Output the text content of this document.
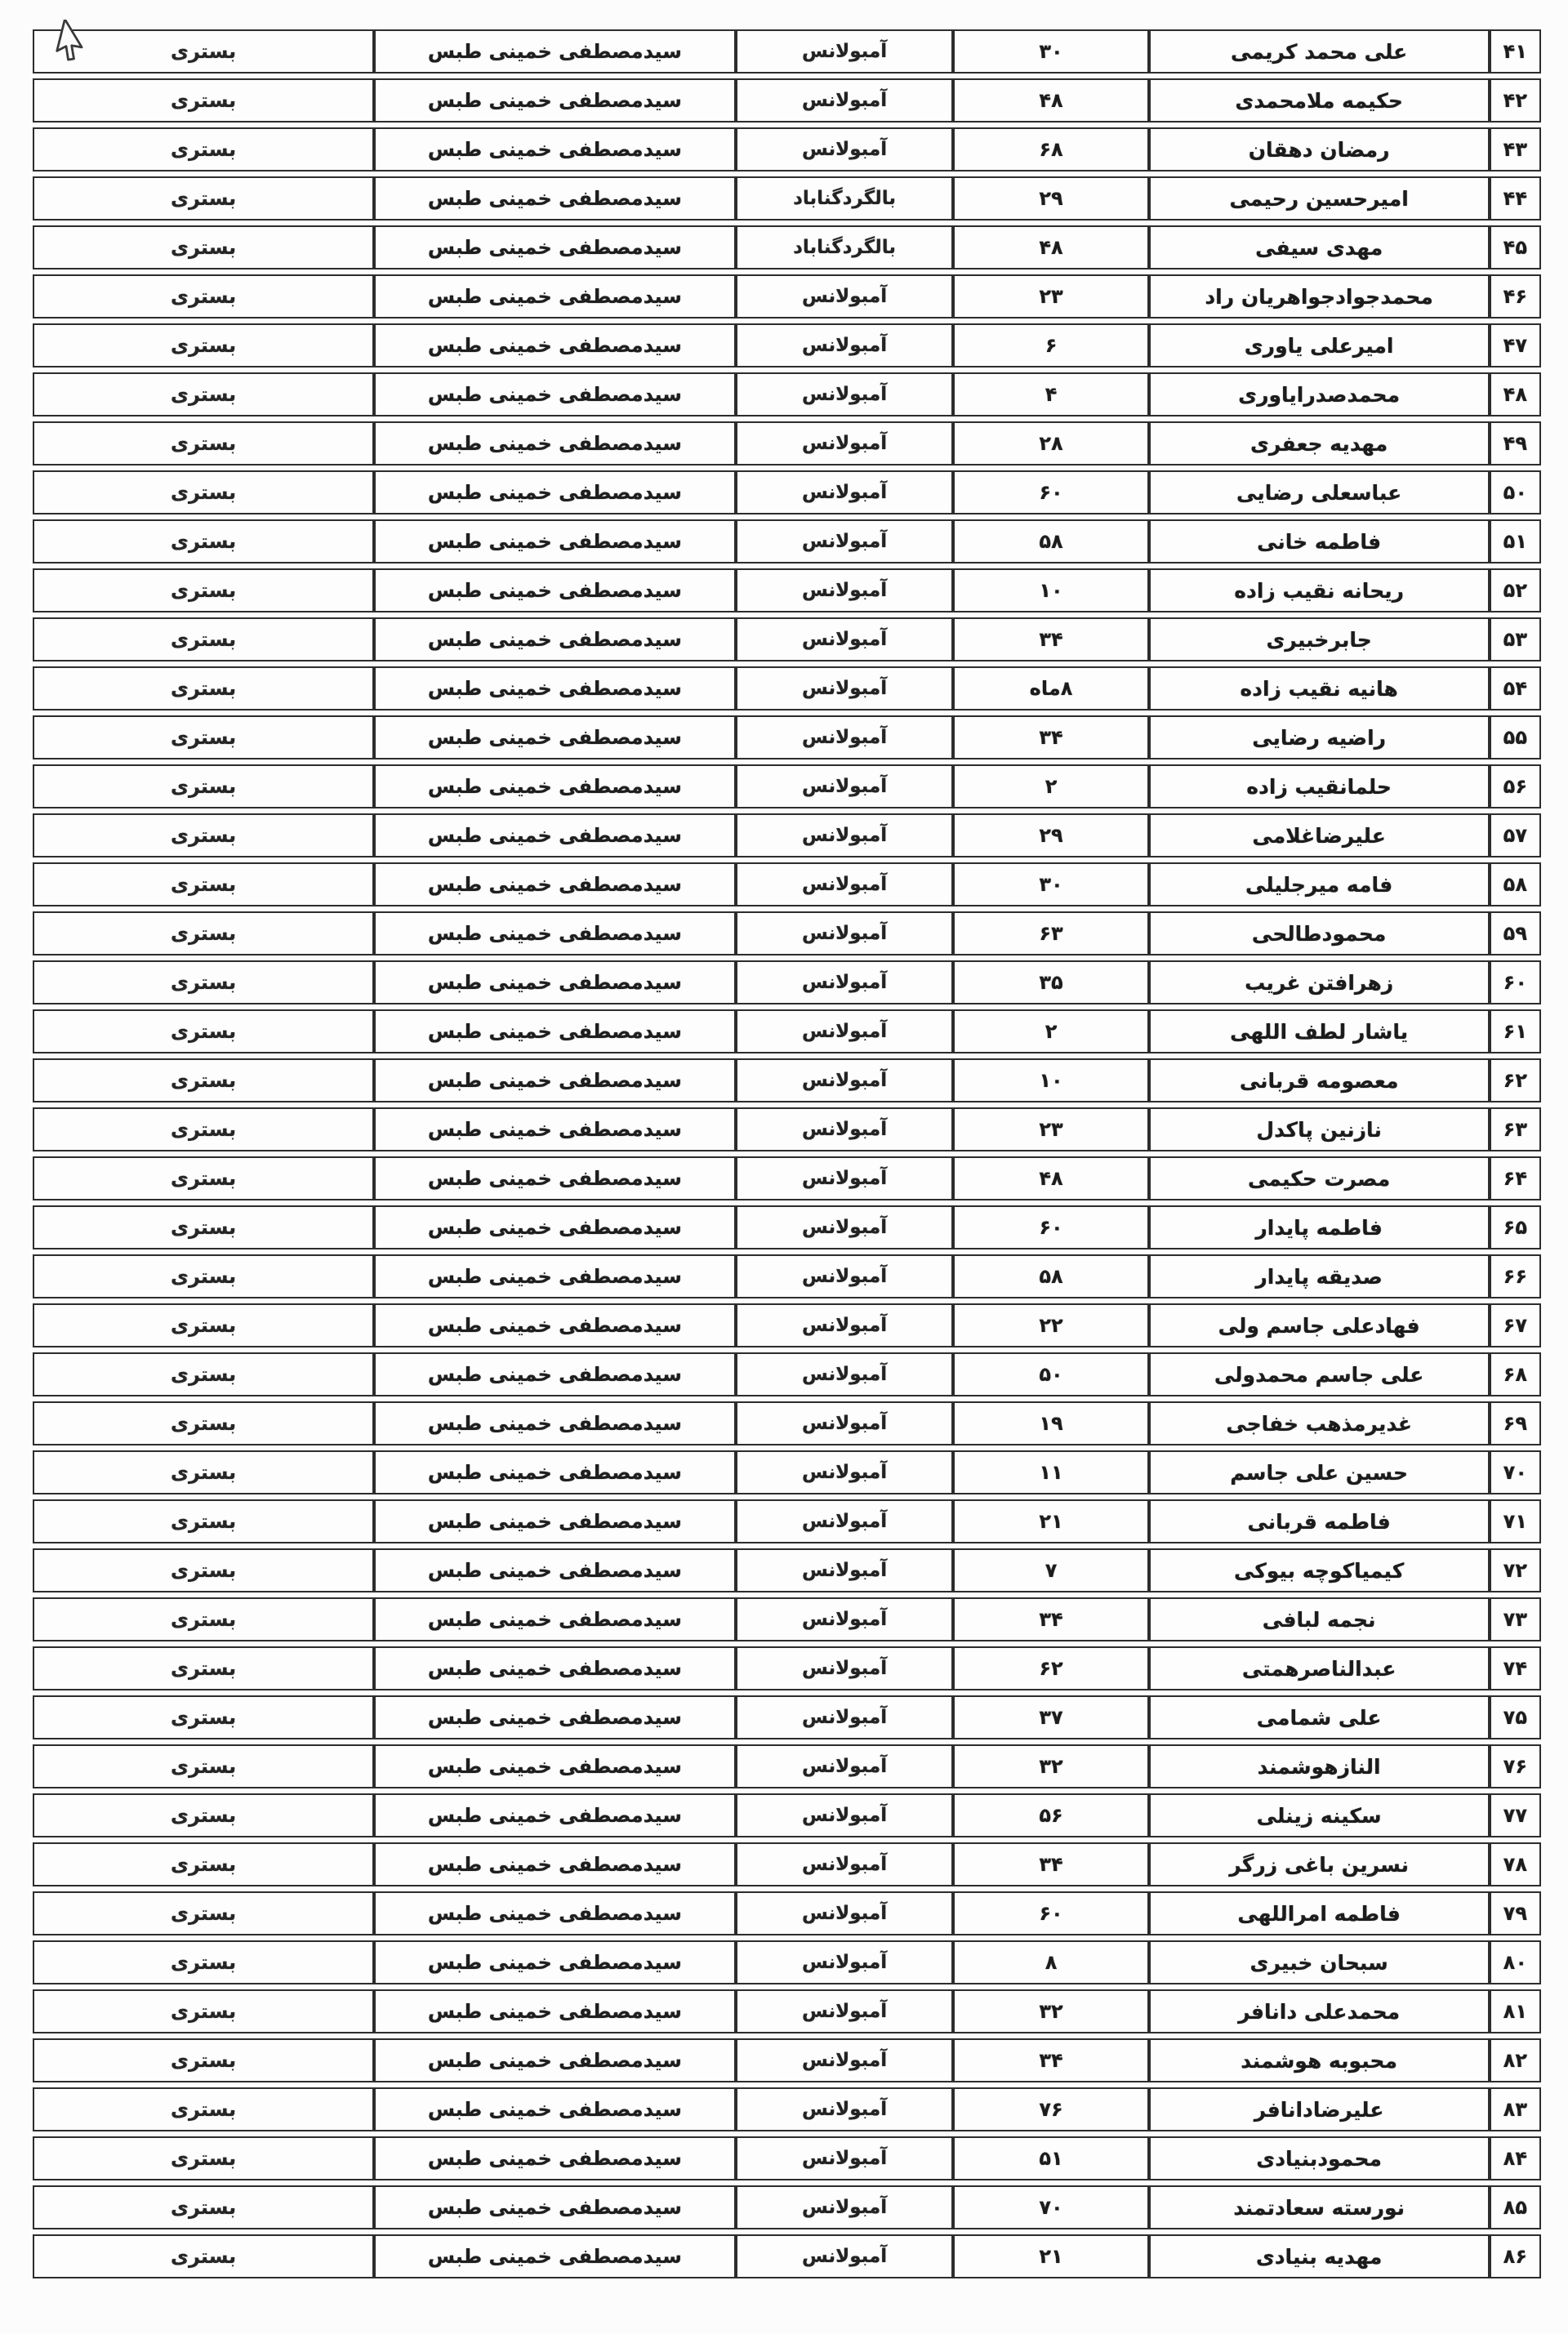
۴۱	علی محمد کریمی	۳۰	آمبولانس	سیدمصطفی خمینی طبس	بستری
۴۲	حکیمه ملامحمدی	۴۸	آمبولانس	سیدمصطفی خمینی طبس	بستری
۴۳	رمضان دهقان	۶۸	آمبولانس	سیدمصطفی خمینی طبس	بستری
۴۴	امیرحسین رحیمی	۲۹	بالگردگناباد	سیدمصطفی خمینی طبس	بستری
۴۵	مهدی سیفی	۴۸	بالگردگناباد	سیدمصطفی خمینی طبس	بستری
۴۶	محمدجوادجواهریان راد	۲۳	آمبولانس	سیدمصطفی خمینی طبس	بستری
۴۷	امیرعلی یاوری	۶	آمبولانس	سیدمصطفی خمینی طبس	بستری
۴۸	محمدصدرایاوری	۴	آمبولانس	سیدمصطفی خمینی طبس	بستری
۴۹	مهدیه جعفری	۲۸	آمبولانس	سیدمصطفی خمینی طبس	بستری
۵۰	عباسعلی رضایی	۶۰	آمبولانس	سیدمصطفی خمینی طبس	بستری
۵۱	فاطمه خانی	۵۸	آمبولانس	سیدمصطفی خمینی طبس	بستری
۵۲	ریحانه نقیب زاده	۱۰	آمبولانس	سیدمصطفی خمینی طبس	بستری
۵۳	جابرخبیری	۳۴	آمبولانس	سیدمصطفی خمینی طبس	بستری
۵۴	هانیه نقیب زاده	۸ماه	آمبولانس	سیدمصطفی خمینی طبس	بستری
۵۵	راضیه رضایی	۳۴	آمبولانس	سیدمصطفی خمینی طبس	بستری
۵۶	حلمانقیب زاده	۲	آمبولانس	سیدمصطفی خمینی طبس	بستری
۵۷	علیرضاغلامی	۲۹	آمبولانس	سیدمصطفی خمینی طبس	بستری
۵۸	فامه میرجلیلی	۳۰	آمبولانس	سیدمصطفی خمینی طبس	بستری
۵۹	محمودطالحی	۶۳	آمبولانس	سیدمصطفی خمینی طبس	بستری
۶۰	زهرافتن غریب	۳۵	آمبولانس	سیدمصطفی خمینی طبس	بستری
۶۱	یاشار لطف اللهی	۲	آمبولانس	سیدمصطفی خمینی طبس	بستری
۶۲	معصومه قربانی	۱۰	آمبولانس	سیدمصطفی خمینی طبس	بستری
۶۳	نازنین پاکدل	۲۳	آمبولانس	سیدمصطفی خمینی طبس	بستری
۶۴	مصرت حکیمی	۴۸	آمبولانس	سیدمصطفی خمینی طبس	بستری
۶۵	فاطمه پایدار	۶۰	آمبولانس	سیدمصطفی خمینی طبس	بستری
۶۶	صدیقه پایدار	۵۸	آمبولانس	سیدمصطفی خمینی طبس	بستری
۶۷	فهادعلی جاسم ولی	۲۲	آمبولانس	سیدمصطفی خمینی طبس	بستری
۶۸	علی جاسم محمدولی	۵۰	آمبولانس	سیدمصطفی خمینی طبس	بستری
۶۹	غدیرمذهب خفاجی	۱۹	آمبولانس	سیدمصطفی خمینی طبس	بستری
۷۰	حسین علی جاسم	۱۱	آمبولانس	سیدمصطفی خمینی طبس	بستری
۷۱	فاطمه قربانی	۲۱	آمبولانس	سیدمصطفی خمینی طبس	بستری
۷۲	کیمیاکوچه بیوکی	۷	آمبولانس	سیدمصطفی خمینی طبس	بستری
۷۳	نجمه لبافی	۳۴	آمبولانس	سیدمصطفی خمینی طبس	بستری
۷۴	عبدالناصرهمتی	۶۲	آمبولانس	سیدمصطفی خمینی طبس	بستری
۷۵	علی شمامی	۳۷	آمبولانس	سیدمصطفی خمینی طبس	بستری
۷۶	النازهوشمند	۳۲	آمبولانس	سیدمصطفی خمینی طبس	بستری
۷۷	سکینه زینلی	۵۶	آمبولانس	سیدمصطفی خمینی طبس	بستری
۷۸	نسرین باغی زرگر	۳۴	آمبولانس	سیدمصطفی خمینی طبس	بستری
۷۹	فاطمه امراللهی	۶۰	آمبولانس	سیدمصطفی خمینی طبس	بستری
۸۰	سبحان خبیری	۸	آمبولانس	سیدمصطفی خمینی طبس	بستری
۸۱	محمدعلی دانافر	۳۲	آمبولانس	سیدمصطفی خمینی طبس	بستری
۸۲	محبوبه هوشمند	۳۴	آمبولانس	سیدمصطفی خمینی طبس	بستری
۸۳	علیرضادانافر	۷۶	آمبولانس	سیدمصطفی خمینی طبس	بستری
۸۴	محمودبنیادی	۵۱	آمبولانس	سیدمصطفی خمینی طبس	بستری
۸۵	نورسته سعادتمند	۷۰	آمبولانس	سیدمصطفی خمینی طبس	بستری
۸۶	مهدیه بنیادی	۲۱	آمبولانس	سیدمصطفی خمینی طبس	بستری
